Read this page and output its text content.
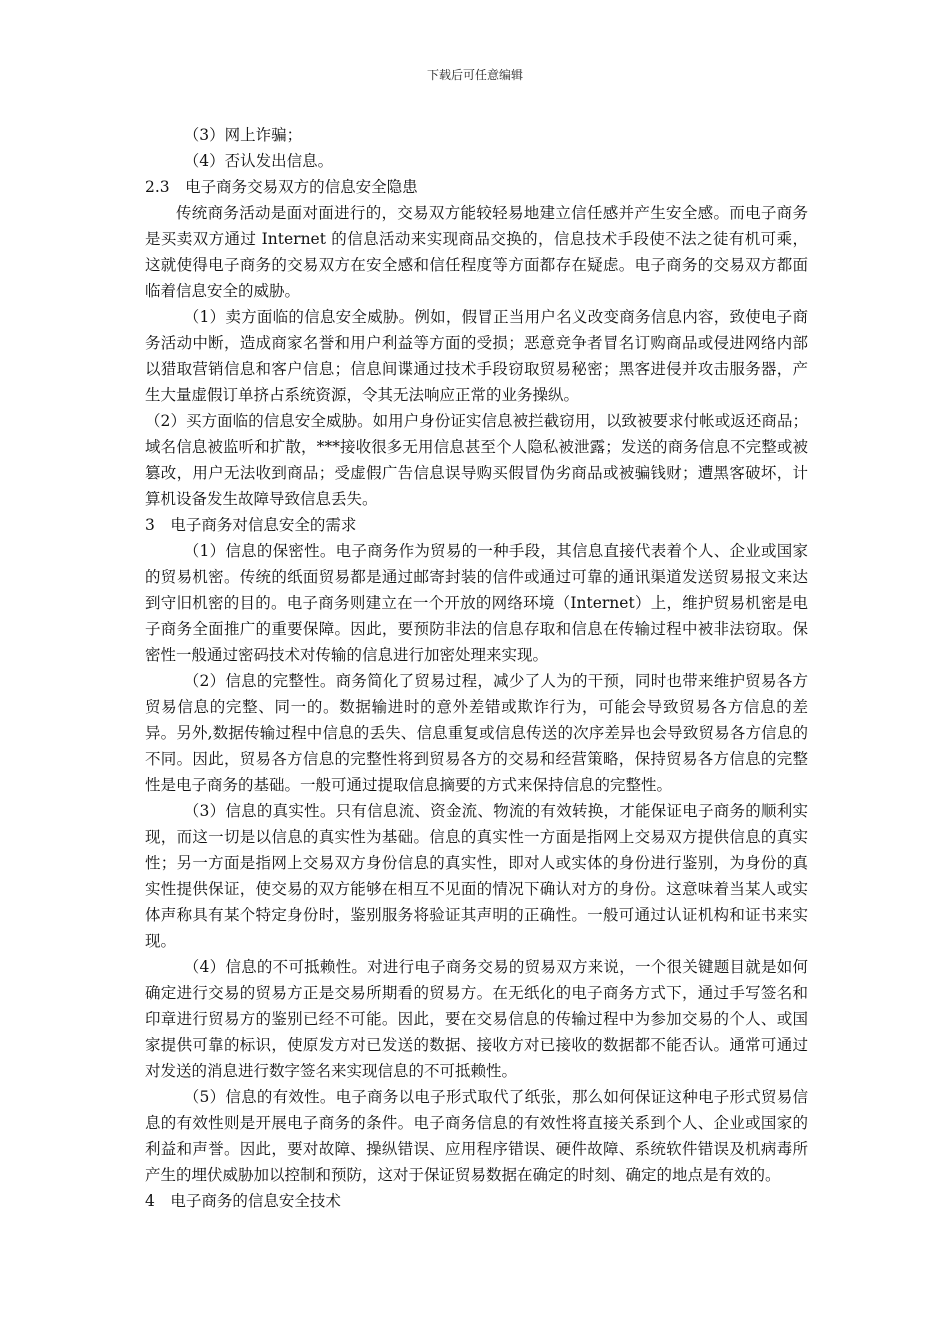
下载后可任意编辑

（3）网上诈骗；

（4）否认发出信息。

2.3　电子商务交易双方的信息安全隐患

传统商务活动是面对面进行的，交易双方能较轻易地建立信任感并产生安全感。而电子商务是买卖双方通过 Internet 的信息活动来实现商品交换的，信息技术手段使不法之徒有机可乘，这就使得电子商务的交易双方在安全感和信任程度等方面都存在疑虑。电子商务的交易双方都面临着信息安全的威胁。

（1）卖方面临的信息安全威胁。例如，假冒正当用户名义改变商务信息内容，致使电子商务活动中断，造成商家名誉和用户利益等方面的受损；恶意竞争者冒名订购商品或侵进网络内部以猎取营销信息和客户信息；信息间谍通过技术手段窃取贸易秘密；黑客进侵并攻击服务器，产生大量虚假订单挤占系统资源，令其无法响应正常的业务操纵。

（2）买方面临的信息安全威胁。如用户身份证实信息被拦截窃用，以致被要求付帐或返还商品；域名信息被监听和扩散，***接收很多无用信息甚至个人隐私被泄露；发送的商务信息不完整或被篡改，用户无法收到商品；受虚假广告信息误导购买假冒伪劣商品或被骗钱财；遭黑客破坏，计算机设备发生故障导致信息丢失。

3　电子商务对信息安全的需求

（1）信息的保密性。电子商务作为贸易的一种手段，其信息直接代表着个人、企业或国家的贸易机密。传统的纸面贸易都是通过邮寄封装的信件或通过可靠的通讯渠道发送贸易报文来达到守旧机密的目的。电子商务则建立在一个开放的网络环境（Internet）上，维护贸易机密是电子商务全面推广的重要保障。因此，要预防非法的信息存取和信息在传输过程中被非法窃取。保密性一般通过密码技术对传输的信息进行加密处理来实现。

（2）信息的完整性。商务简化了贸易过程，减少了人为的干预，同时也带来维护贸易各方贸易信息的完整、同一的。数据输进时的意外差错或欺诈行为，可能会导致贸易各方信息的差异。另外,数据传输过程中信息的丢失、信息重复或信息传送的次序差异也会导致贸易各方信息的不同。因此，贸易各方信息的完整性将到贸易各方的交易和经营策略，保持贸易各方信息的完整性是电子商务的基础。一般可通过提取信息摘要的方式来保持信息的完整性。

（3）信息的真实性。只有信息流、资金流、物流的有效转换，才能保证电子商务的顺利实现，而这一切是以信息的真实性为基础。信息的真实性一方面是指网上交易双方提供信息的真实性；另一方面是指网上交易双方身份信息的真实性，即对人或实体的身份进行鉴别，为身份的真实性提供保证，使交易的双方能够在相互不见面的情况下确认对方的身份。这意味着当某人或实体声称具有某个特定身份时，鉴别服务将验证其声明的正确性。一般可通过认证机构和证书来实现。

（4）信息的不可抵赖性。对进行电子商务交易的贸易双方来说，一个很关键题目就是如何确定进行交易的贸易方正是交易所期看的贸易方。在无纸化的电子商务方式下，通过手写签名和印章进行贸易方的鉴别已经不可能。因此，要在交易信息的传输过程中为参加交易的个人、或国家提供可靠的标识，使原发方对已发送的数据、接收方对已接收的数据都不能否认。通常可通过对发送的消息进行数字签名来实现信息的不可抵赖性。

（5）信息的有效性。电子商务以电子形式取代了纸张，那么如何保证这种电子形式贸易信息的有效性则是开展电子商务的条件。电子商务信息的有效性将直接关系到个人、企业或国家的利益和声誉。因此，要对故障、操纵错误、应用程序错误、硬件故障、系统软件错误及机病毒所产生的埋伏威胁加以控制和预防，这对于保证贸易数据在确定的时刻、确定的地点是有效的。

4　电子商务的信息安全技术
